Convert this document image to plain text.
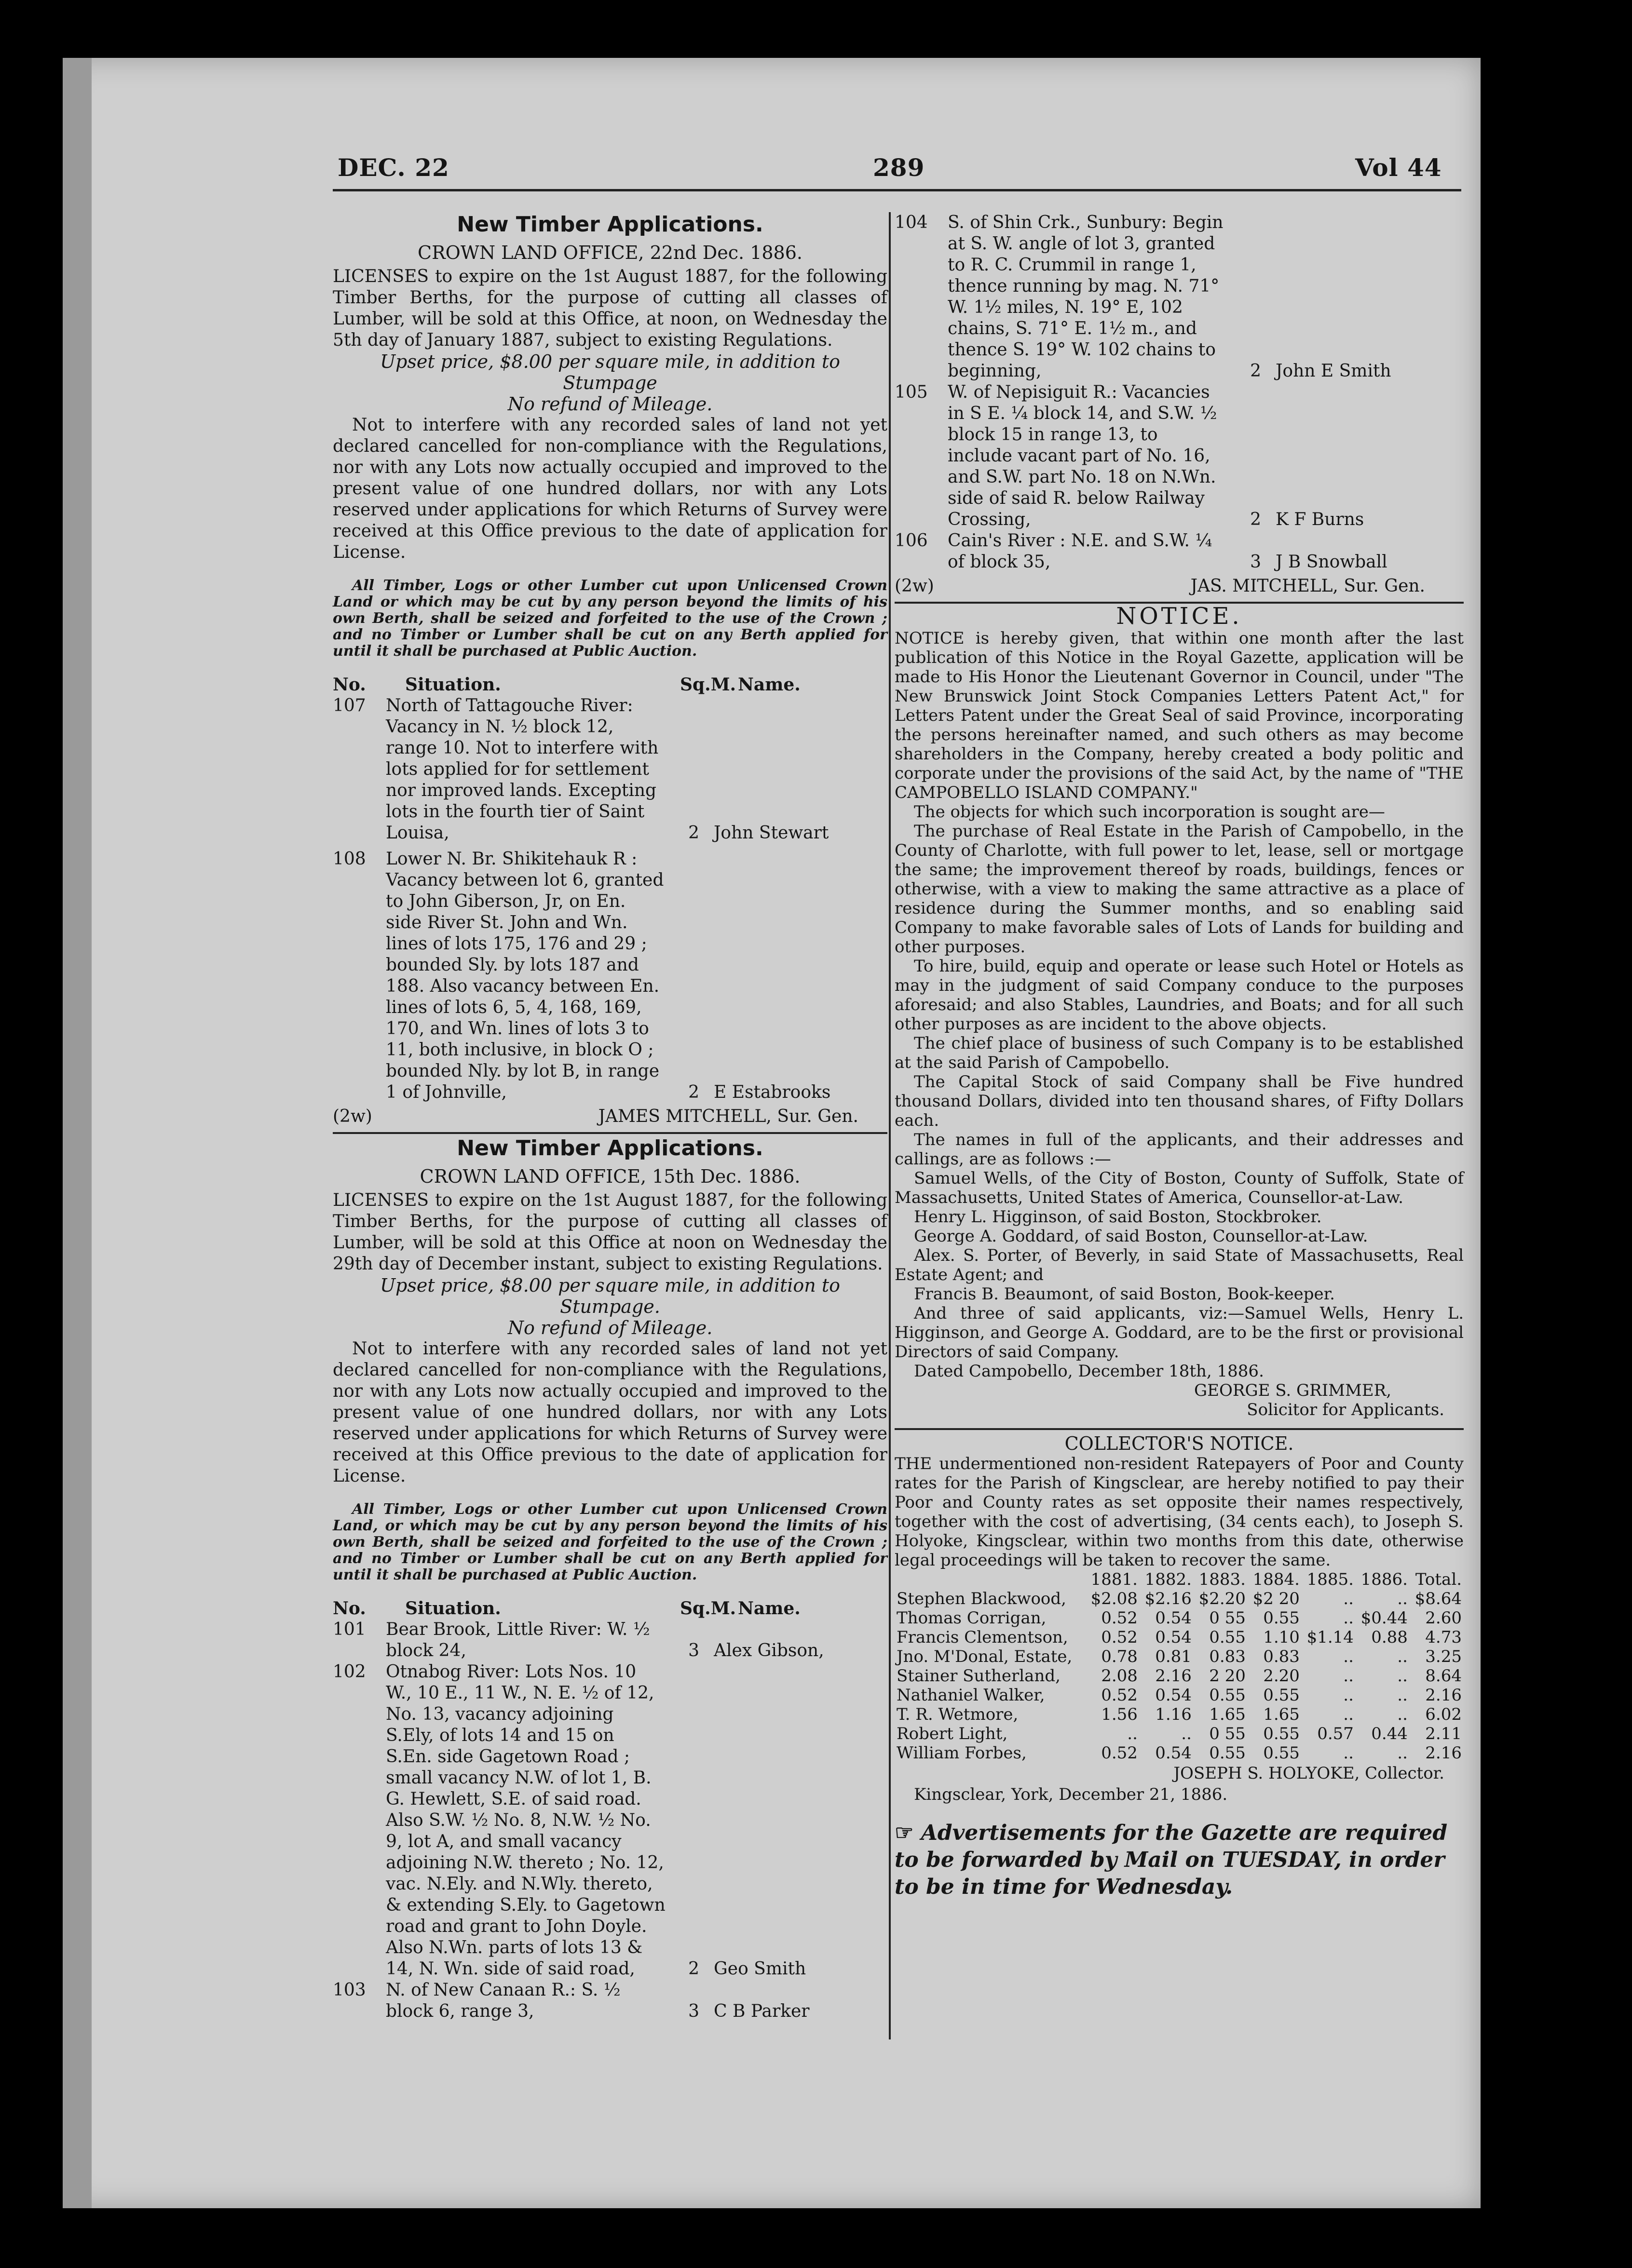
DEC. 22	289	Vol 44
New Timber Applications.
CROWN LAND OFFICE, 22nd Dec. 1886.

LICENSES to expire on the 1st August 1887, for the following Timber Berths, for the purpose of cutting all classes of Lumber, will be sold at this Office, at noon, on Wednesday the 5th day of January 1887, subject to existing Regulations.

Upset price, $8.00 per square mile, in addition to Stumpage
No refund of Mileage.

Not to interfere with any recorded sales of land not yet declared cancelled for non-compliance with the Regulations, nor with any Lots now actually occupied and improved to the present value of one hundred dollars, nor with any Lots reserved under applications for which Returns of Survey were received at this Office previous to the date of application for License.

All Timber, Logs or other Lumber cut upon Unlicensed Crown Land or which may be cut by any person beyond the limits of his own Berth, shall be seized and forfeited to the use of the Crown ; and no Timber or Lumber shall be cut on any Berth applied for until it shall be purchased at Public Auction.

No.	Situation.	Sq.M. Name.
107	North of Tattagouche River: Vacancy in N. ½ block 12, range 10. Not to interfere with lots applied for for settlement nor improved lands. Excepting lots in the fourth tier of Saint Louisa,	2 John Stewart
108	Lower N. Br. Shikitehauk R : Vacancy between lot 6, granted to John Giberson, Jr, on En. side River St. John and Wn. lines of lots 175, 176 and 29 ; bounded Sly. by lots 187 and 188. Also vacancy between En. lines of lots 6, 5, 4, 168, 169, 170, and Wn. lines of lots 3 to 11, both inclusive, in block O ; bounded Nly. by lot B, in range 1 of Johnville,	2 E Estabrooks
(2w)	JAMES MITCHELL, Sur. Gen.
New Timber Applications.
CROWN LAND OFFICE, 15th Dec. 1886.

LICENSES to expire on the 1st August 1887, for the following Timber Berths, for the purpose of cutting all classes of Lumber, will be sold at this Office at noon on Wednesday the 29th day of December instant, subject to existing Regulations.

Upset price, $8.00 per square mile, in addition to Stumpage.
No refund of Mileage.

Not to interfere with any recorded sales of land not yet declared cancelled for non-compliance with the Regulations, nor with any Lots now actually occupied and improved to the present value of one hundred dollars, nor with any Lots reserved under applications for which Returns of Survey were received at this Office previous to the date of application for License.

All Timber, Logs or other Lumber cut upon Unlicensed Crown Land, or which may be cut by any person beyond the limits of his own Berth, shall be seized and forfeited to the use of the Crown ; and no Timber or Lumber shall be cut on any Berth applied for until it shall be purchased at Public Auction.

No.	Situation.	Sq.M. Name.
101	Bear Brook, Little River: W. ½ block 24,	3 Alex Gibson,
102	Otnabog River: Lots Nos. 10 W., 10 E., 11 W., N. E. ½ of 12, No. 13, vacancy adjoining S.Ely, of lots 14 and 15 on S.En. side Gagetown Road ; small vacancy N.W. of lot 1, B. G. Hewlett, S.E. of said road. Also S.W. ½ No. 8, N.W. ½ No. 9, lot A, and small vacancy adjoining N.W. thereto ; No. 12, vac. N.Ely. and N.Wly. thereto, & extending S.Ely. to Gagetown road and grant to John Doyle. Also N.Wn. parts of lots 13 & 14, N. Wn. side of said road,	2 Geo Smith
103	N. of New Canaan R.: S. ½ block 6, range 3,	3 C B Parker
104	S. of Shin Crk., Sunbury: Begin at S. W. angle of lot 3, granted to R. C. Crummil in range 1, thence running by mag. N. 71° W. 1½ miles, N. 19° E, 102 chains, S. 71° E. 1½ m., and thence S. 19° W. 102 chains to beginning,	2 John E Smith
105	W. of Nepisiguit R.: Vacancies in S E. ¼ block 14, and S.W. ½ block 15 in range 13, to include vacant part of No. 16, and S.W. part No. 18 on N.Wn. side of said R. below Railway Crossing,	2 K F Burns
106	Cain's River : N.E. and S.W. ¼ of block 35,	3 J B Snowball
(2w)	JAS. MITCHELL, Sur. Gen.
NOTICE.

NOTICE is hereby given, that within one month after the last publication of this Notice in the Royal Gazette, application will be made to His Honor the Lieutenant Governor in Council, under "The New Brunswick Joint Stock Companies Letters Patent Act," for Letters Patent under the Great Seal of said Province, incorporating the persons hereinafter named, and such others as may become shareholders in the Company, hereby created a body politic and corporate under the provisions of the said Act, by the name of "THE CAMPOBELLO ISLAND COMPANY."

The objects for which such incorporation is sought are—

The purchase of Real Estate in the Parish of Campobello, in the County of Charlotte, with full power to let, lease, sell or mortgage the same; the improvement thereof by roads, buildings, fences or otherwise, with a view to making the same attractive as a place of residence during the Summer months, and so enabling said Company to make favorable sales of Lots of Lands for building and other purposes.

To hire, build, equip and operate or lease such Hotel or Hotels as may in the judgment of said Company conduce to the purposes aforesaid; and also Stables, Laundries, and Boats; and for all such other purposes as are incident to the above objects.

The chief place of business of such Company is to be established at the said Parish of Campobello.

The Capital Stock of said Company shall be Five hundred thousand Dollars, divided into ten thousand shares, of Fifty Dollars each.

The names in full of the applicants, and their addresses and callings, are as follows :—

Samuel Wells, of the City of Boston, County of Suffolk, State of Massachusetts, United States of America, Counsellor-at-Law.

Henry L. Higginson, of said Boston, Stockbroker.

George A. Goddard, of said Boston, Counsellor-at-Law.

Alex. S. Porter, of Beverly, in said State of Massachusetts, Real Estate Agent; and

Francis B. Beaumont, of said Boston, Book-keeper.

And three of said applicants, viz:—Samuel Wells, Henry L. Higginson, and George A. Goddard, are to be the first or provisional Directors of said Company.

Dated Campobello, December 18th, 1886.

GEORGE S. GRIMMER,
Solicitor for Applicants.
COLLECTOR'S NOTICE.

THE undermentioned non-resident Ratepayers of Poor and County rates for the Parish of Kingsclear, are hereby notified to pay their Poor and County rates as set opposite their names respectively, together with the cost of advertising, (34 cents each), to Joseph S. Holyoke, Kingsclear, within two months from this date, otherwise legal proceedings will be taken to recover the same.

	1881.	1882.	1883.	1884.	1885.	1886.	Total.
Stephen Blackwood,	$2.08	$2.16	$2.20	$2 20	..	..	$8.64
Thomas Corrigan,	0.52	0.54	0 55	0.55	..	$0.44	2.60
Francis Clementson,	0.52	0.54	0.55	1.10	$1.14	0.88	4.73
Jno. M'Donal, Estate,	0.78	0.81	0.83	0.83	..	..	3.25
Stainer Sutherland,	2.08	2.16	2 20	2.20	..	..	8.64
Nathaniel Walker,	0.52	0.54	0.55	0.55	..	..	2.16
T. R. Wetmore,	1.56	1.16	1.65	1.65	..	..	6.02
Robert Light,	..	..	0 55	0.55	0.57	0.44	2.11
William Forbes,	0.52	0.54	0.55	0.55	..	..	2.16
JOSEPH S. HOLYOKE, Collector.
Kingsclear, York, December 21, 1886.
☞ Advertisements for the Gazette are required to be forwarded by Mail on TUESDAY, in order to be in time for Wednesday.
